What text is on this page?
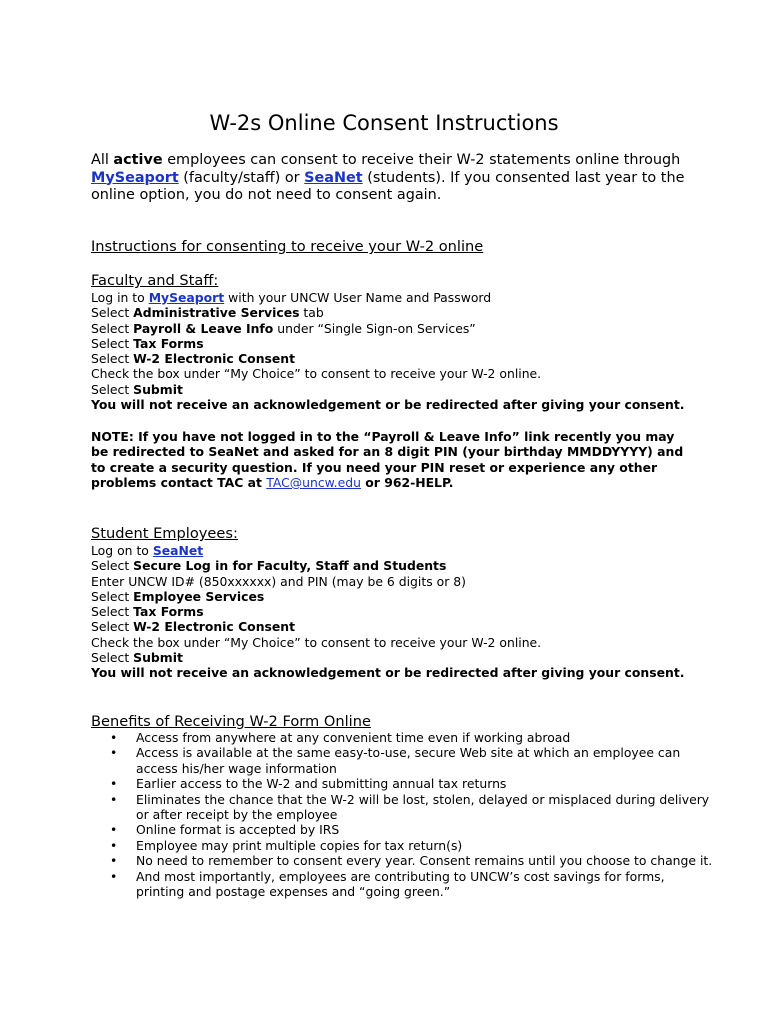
W-2s Online Consent Instructions

All active employees can consent to receive their W-2 statements online through MySeaport (faculty/staff) or SeaNet (students). If you consented last year to the online option, you do not need to consent again.

Instructions for consenting to receive your W-2 online

Faculty and Staff:

Log in to MySeaport with your UNCW User Name and Password
Select Administrative Services tab
Select Payroll & Leave Info under “Single Sign-on Services”
Select Tax Forms
Select W-2 Electronic Consent
Check the box under “My Choice” to consent to receive your W-2 online.
Select Submit
You will not receive an acknowledgement or be redirected after giving your consent.

NOTE: If you have not logged in to the “Payroll & Leave Info” link recently you may be redirected to SeaNet and asked for an 8 digit PIN (your birthday MMDDYYYY) and to create a security question. If you need your PIN reset or experience any other problems contact TAC at TAC@uncw.edu or 962-HELP.

Student Employees:

Log on to SeaNet
Select Secure Log in for Faculty, Staff and Students
Enter UNCW ID# (850xxxxxx) and PIN (may be 6 digits or 8)
Select Employee Services
Select Tax Forms
Select W-2 Electronic Consent
Check the box under “My Choice” to consent to receive your W-2 online.
Select Submit
You will not receive an acknowledgement or be redirected after giving your consent.

Benefits of Receiving W-2 Form Online

• Access from anywhere at any convenient time even if working abroad
• Access is available at the same easy-to-use, secure Web site at which an employee can access his/her wage information
• Earlier access to the W-2 and submitting annual tax returns
• Eliminates the chance that the W-2 will be lost, stolen, delayed or misplaced during delivery or after receipt by the employee
• Online format is accepted by IRS
• Employee may print multiple copies for tax return(s)
• No need to remember to consent every year. Consent remains until you choose to change it.
• And most importantly, employees are contributing to UNCW’s cost savings for forms, printing and postage expenses and “going green.”
